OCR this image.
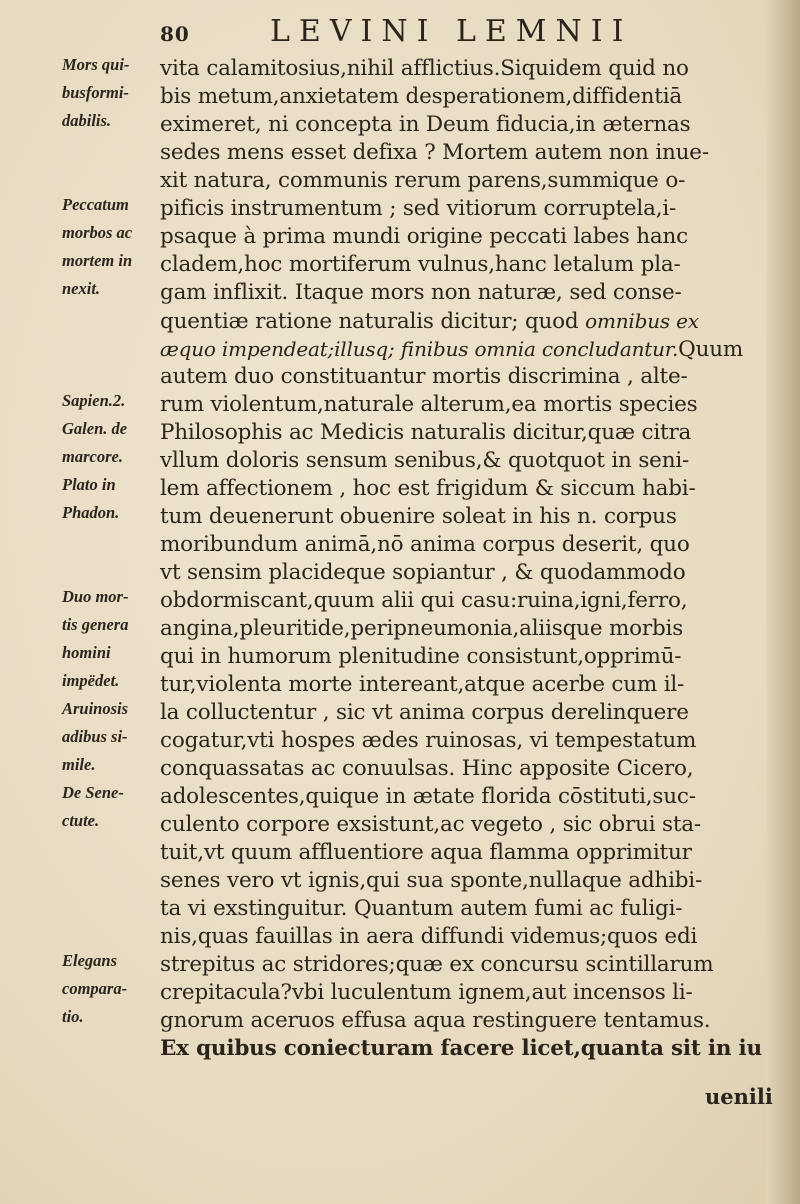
80	LEVINI LEMNII
Mors qui-
busformi-
dabilis.
Peccatum
morbos ac
mortem in
nexit.
Sapien.2.
Galen. de
marcore.
Plato in
Phadon.
Duo mor-
tis genera
homini
impëdet.
Aruinosis
adibus si-
mile.
De Sene-
ctute.
Elegans
compara-
tio.
vita calamitosius,nihil afflictius.Siquidem quid no
bis metum,anxietatem desperationem,diffidentiā
eximeret, ni concepta in Deum fiducia,in æternas
sedes mens esset defixa ? Mortem autem non inue-
xit natura, communis rerum parens,summique o-
pificis instrumentum ; sed vitiorum corruptela,i-
psaque à prima mundi origine peccati labes hanc
cladem,hoc mortiferum vulnus,hanc letalum pla-
gam inflixit. Itaque mors non naturæ, sed conse-
quentiæ ratione naturalis dicitur; quod omnibus ex
æquo impendeat;illusq; finibus omnia concludantur.Quum
autem duo constituantur mortis discrimina , alte-
rum violentum,naturale alterum,ea mortis species
Philosophis ac Medicis naturalis dicitur,quæ citra
vllum doloris sensum senibus,& quotquot in seni-
lem affectionem , hoc est frigidum & siccum habi-
tum deuenerunt obuenire soleat in his n. corpus
moribundum animā,nō anima corpus deserit, quo
vt sensim placideque sopiantur , & quodammodo
obdormiscant,quum alii qui casu:ruina,igni,ferro,
angina,pleuritide,peripneumonia,aliisque morbis
qui in humorum plenitudine consistunt,opprimū-
tur,violenta morte intereant,atque acerbe cum il-
la colluctentur , sic vt anima corpus derelinquere
cogatur,vti hospes ædes ruinosas, vi tempestatum
conquassatas ac conuulsas. Hinc apposite Cicero,
adolescentes,quique in ætate florida cōstituti,suc-
culento corpore exsistunt,ac vegeto , sic obrui sta-
tuit,vt quum affluentiore aqua flamma opprimitur
senes vero vt ignis,qui sua sponte,nullaque adhibi-
ta vi exstinguitur. Quantum autem fumi ac fuligi-
nis,quas fauillas in aera diffundi videmus;quos edi
strepitus ac stridores;quæ ex concursu scintillarum
crepitacula?vbi luculentum ignem,aut incensos li-
gnorum aceruos effusa aqua restinguere tentamus.
Ex quibus coniecturam facere licet,quanta sit in iu
uenili
